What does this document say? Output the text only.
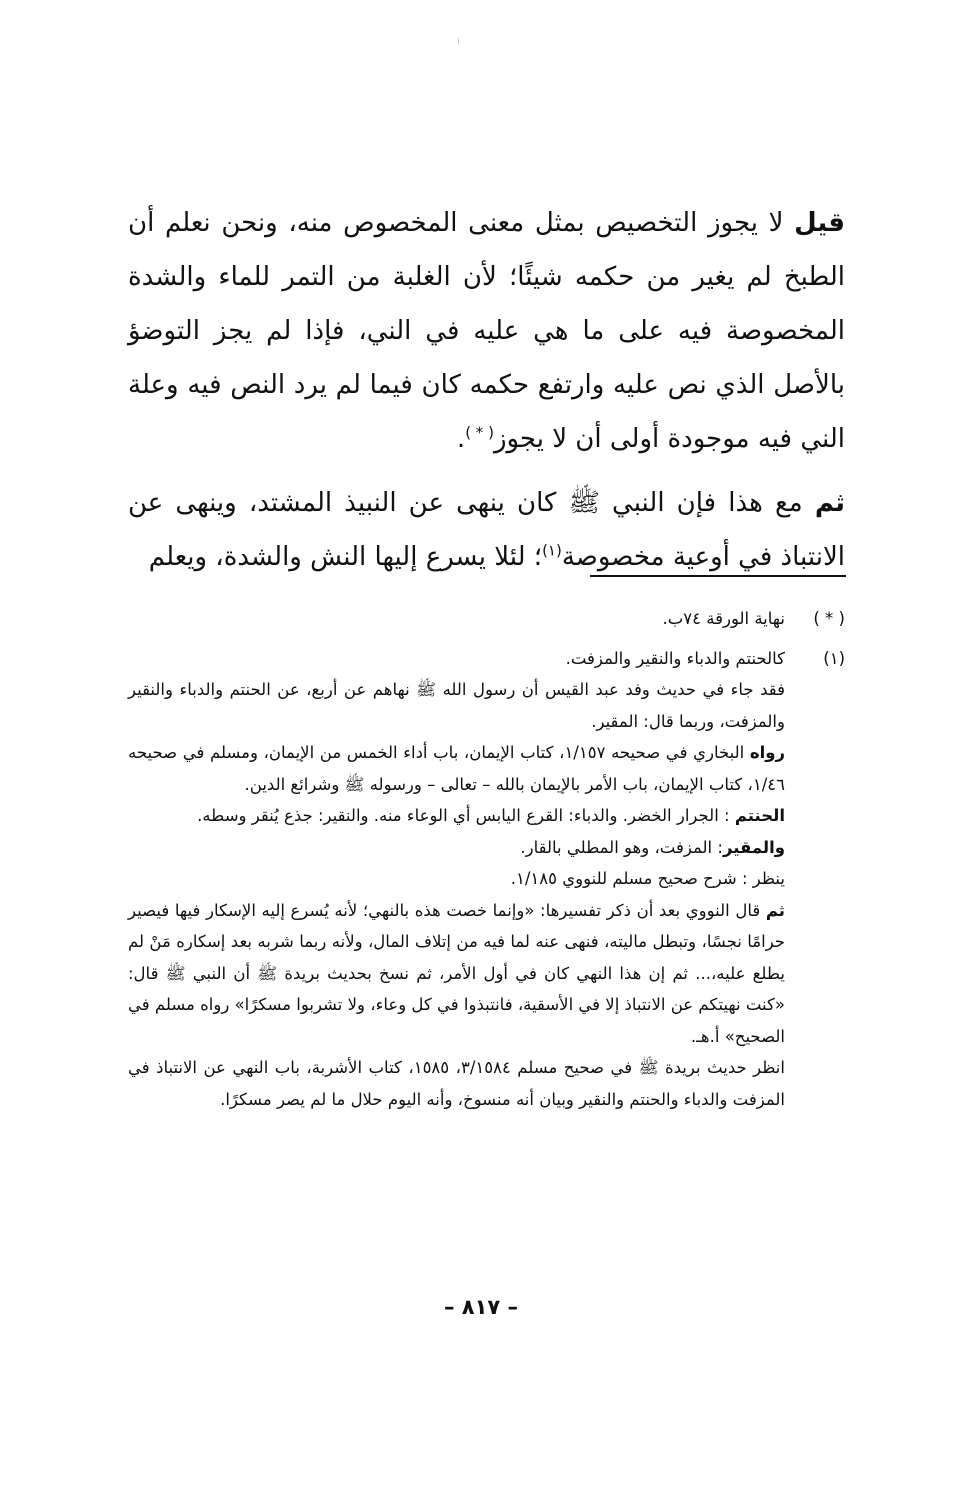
قيل لا يجوز التخصيص بمثل معنى المخصوص منه، ونحن نعلم أن الطبخ لم يغير من حكمه شيئًا؛ لأن الغلبة من التمر للماء والشدة المخصوصة فيه على ما هي عليه في الني، فإذا لم يجز التوضؤ بالأصل الذي نص عليه وارتفع حكمه كان فيما لم يرد النص فيه وعلة الني فيه موجودة أولى أن لا يجوز( * ).

ثم مع هذا فإن النبي ﷺ كان ينهى عن النبيذ المشتد، وينهى عن الانتباذ في أوعية مخصوصة$^{(١)}$؛ لئلا يسرع إليها النش والشدة، ويعلم

( * )

نهاية الورقة ٧٤ب.

(١)

كالحنتم والدباء والنقير والمزفت.

فقد جاء في حديث وفد عبد القيس أن رسول الله ﷺ نهاهم عن أربع، عن الحنتم والدباء والنقير والمزفت، وربما قال: المقير.

رواه البخاري في صحيحه ١/١٥٧، كتاب الإيمان، باب أداء الخمس من الإيمان، ومسلم في صحيحه ١/٤٦، كتاب الإيمان، باب الأمر بالإيمان بالله – تعالى – ورسوله ﷺ وشرائع الدين.

الحنتم : الجرار الخضر. والدباء: القرع اليابس أي الوعاء منه. والنقير: جذع يُنقر وسطه.

والمقير: المزفت، وهو المطلي بالقار.

ينظر : شرح صحيح مسلم للنووي ١/١٨٥.

ثم قال النووي بعد أن ذكر تفسيرها: «وإنما خصت هذه بالنهي؛ لأنه يُسرع إليه الإسكار فيها فيصير حرامًا نجسًا، وتبطل ماليته، فنهى عنه لما فيه من إتلاف المال، ولأنه ربما شربه بعد إسكاره مَنْ لم يطلع عليه،... ثم إن هذا النهي كان في أول الأمر، ثم نسخ بحديث بريدة ﷺ أن النبي ﷺ قال: «كنت نهيتكم عن الانتباذ إلا في الأسقية، فانتبذوا في كل وعاء، ولا تشربوا مسكرًا» رواه مسلم في الصحيح» أ.هـ.

انظر حديث بريدة ﷺ في صحيح مسلم ٣/١٥٨٤، ١٥٨٥، كتاب الأشربة، باب النهي عن الانتباذ في المزفت والدباء والحنتم والنقير وبيان أنه منسوخ، وأنه اليوم حلال ما لم يصر مسكرًا.

– ٨١٧ –
